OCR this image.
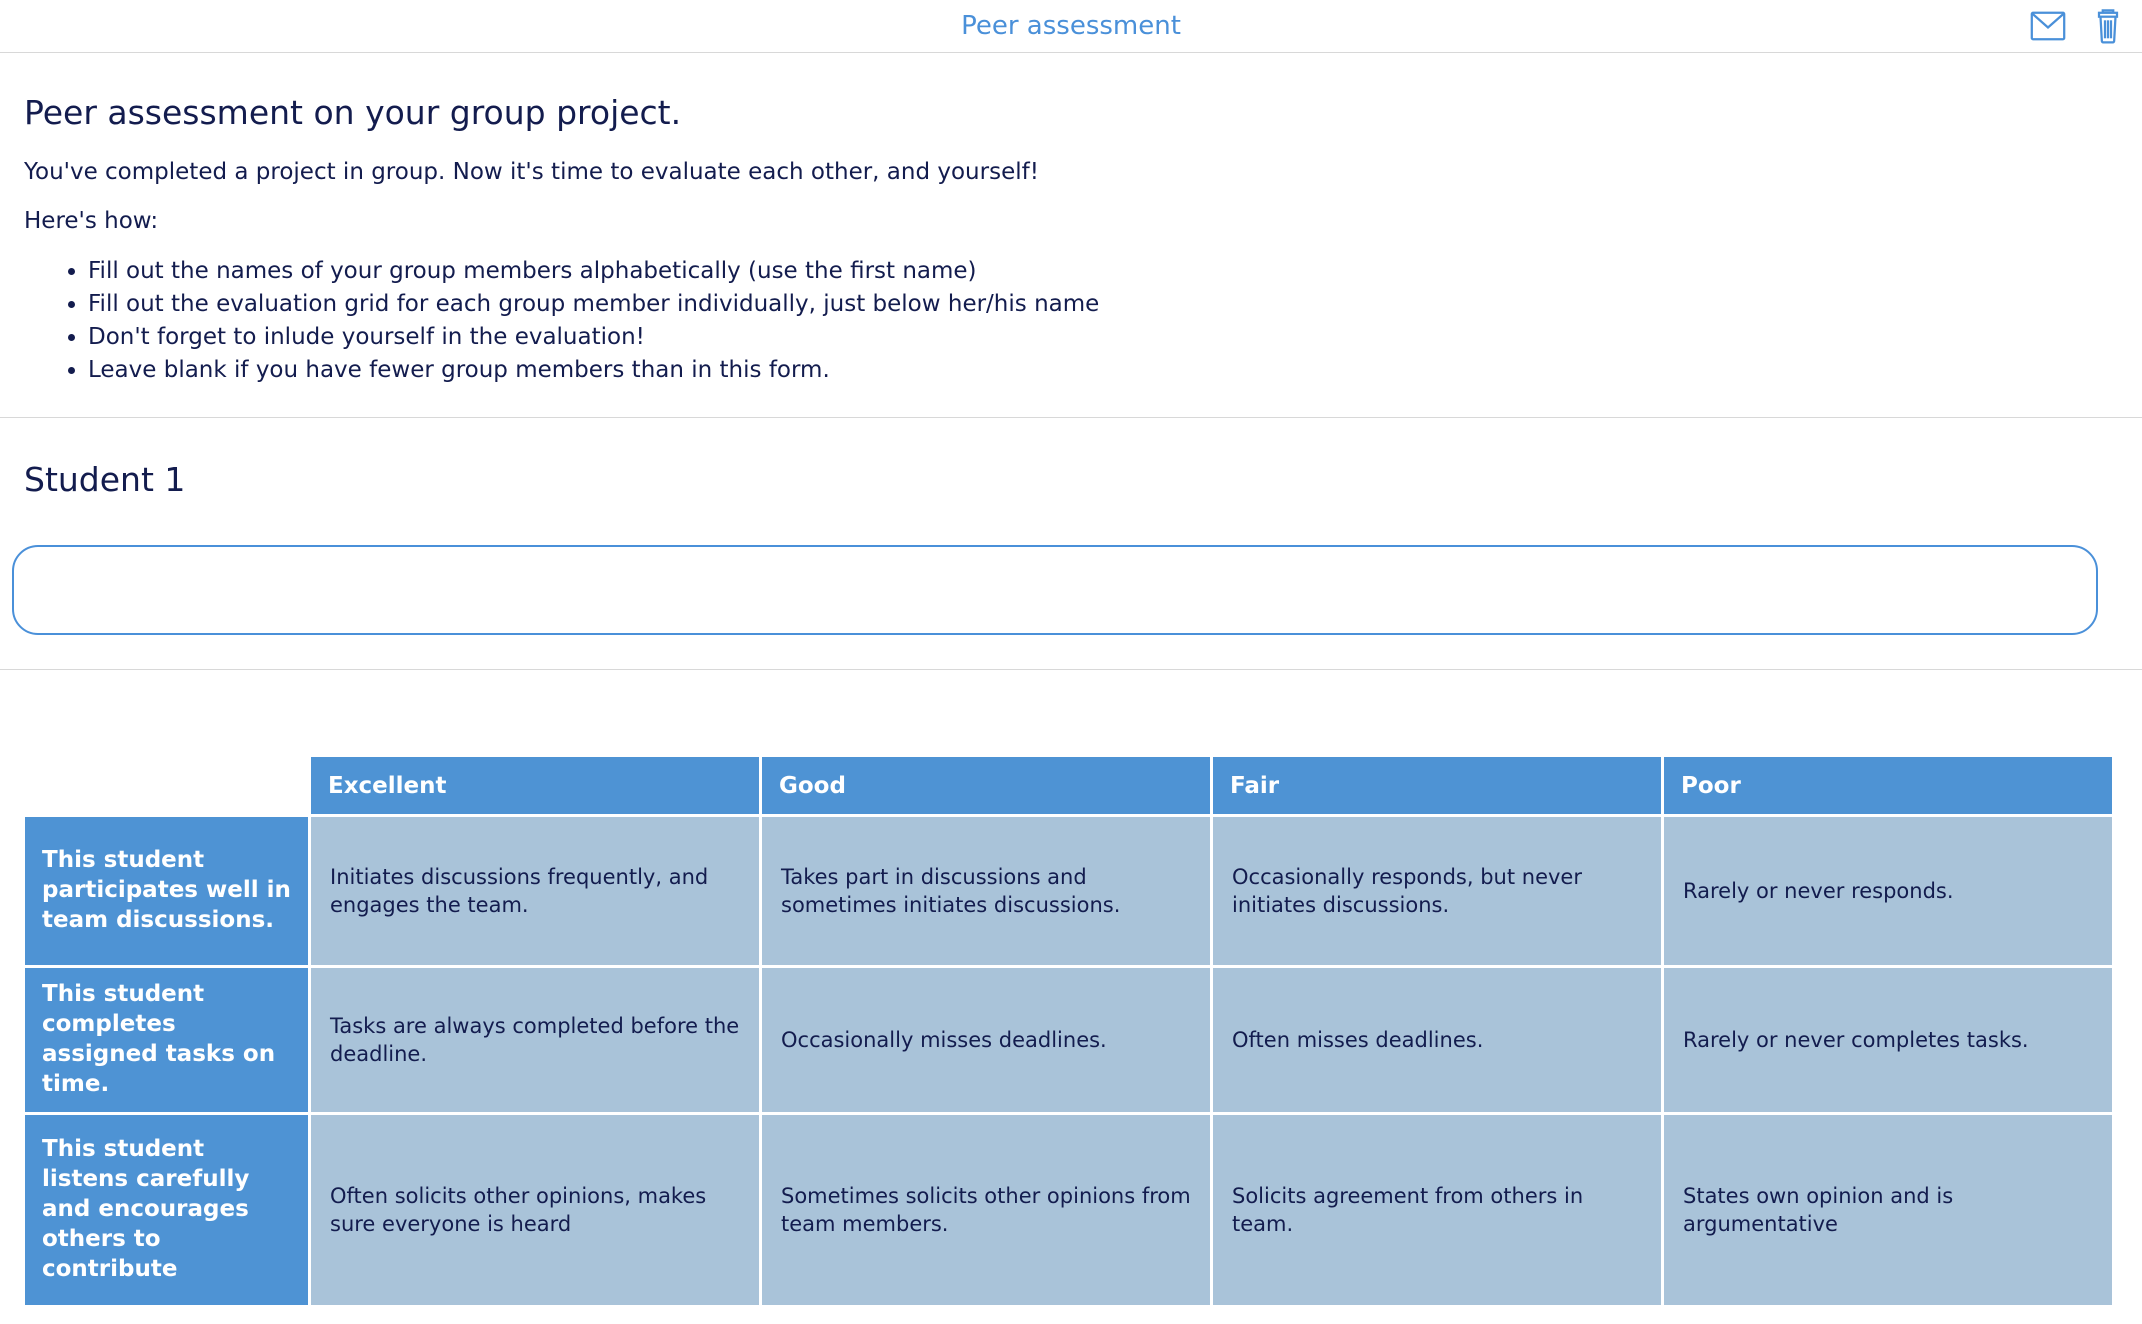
Peer assessment
Peer assessment on your group project.

You've completed a project in group. Now it's time to evaluate each other, and yourself!

Here's how:

• Fill out the names of your group members alphabetically (use the first name)
• Fill out the evaluation grid for each group member individually, just below her/his name
• Don't forget to inlude yourself in the evaluation!
• Leave blank if you have fewer group members than in this form.
Student 1
	Excellent	Good	Fair	Poor
This student participates well in team discussions.	Initiates discussions frequently, and engages the team.	Takes part in discussions and sometimes initiates discussions.	Occasionally responds, but never initiates discussions.	Rarely or never responds.
This student completes assigned tasks on time.	Tasks are always completed before the deadline.	Occasionally misses deadlines.	Often misses deadlines.	Rarely or never completes tasks.
This student listens carefully and encourages others to contribute	Often solicits other opinions, makes sure everyone is heard	Sometimes solicits other opinions from team members.	Solicits agreement from others in team.	States own opinion and is argumentative
